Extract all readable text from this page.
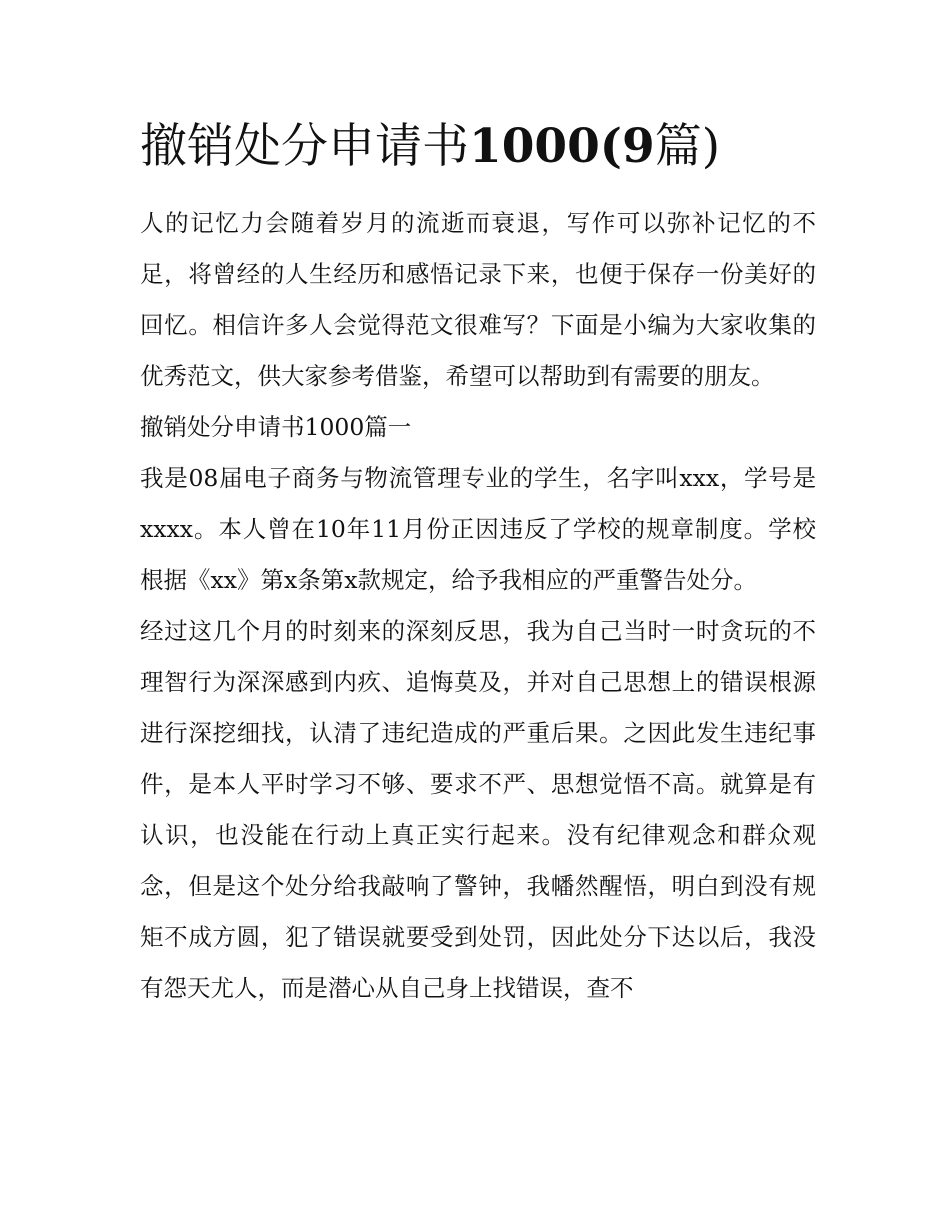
撤销处分申请书1000(9篇)

人的记忆力会随着岁月的流逝而衰退，写作可以弥补记忆的不足，将曾经的人生经历和感悟记录下来，也便于保存一份美好的回忆。相信许多人会觉得范文很难写？下面是小编为大家收集的优秀范文，供大家参考借鉴，希望可以帮助到有需要的朋友。

撤销处分申请书1000篇一

我是08届电子商务与物流管理专业的学生，名字叫xxx，学号是xxxx。本人曾在10年11月份正因违反了学校的规章制度。学校根据《xx》第x条第x款规定，给予我相应的严重警告处分。

经过这几个月的时刻来的深刻反思，我为自己当时一时贪玩的不理智行为深深感到内疚、追悔莫及，并对自己思想上的错误根源进行深挖细找，认清了违纪造成的严重后果。之因此发生违纪事件，是本人平时学习不够、要求不严、思想觉悟不高。就算是有认识，也没能在行动上真正实行起来。没有纪律观念和群众观念，但是这个处分给我敲响了警钟，我幡然醒悟，明白到没有规矩不成方圆，犯了错误就要受到处罚，因此处分下达以后，我没有怨天尤人，而是潜心从自己身上找错误，查不
